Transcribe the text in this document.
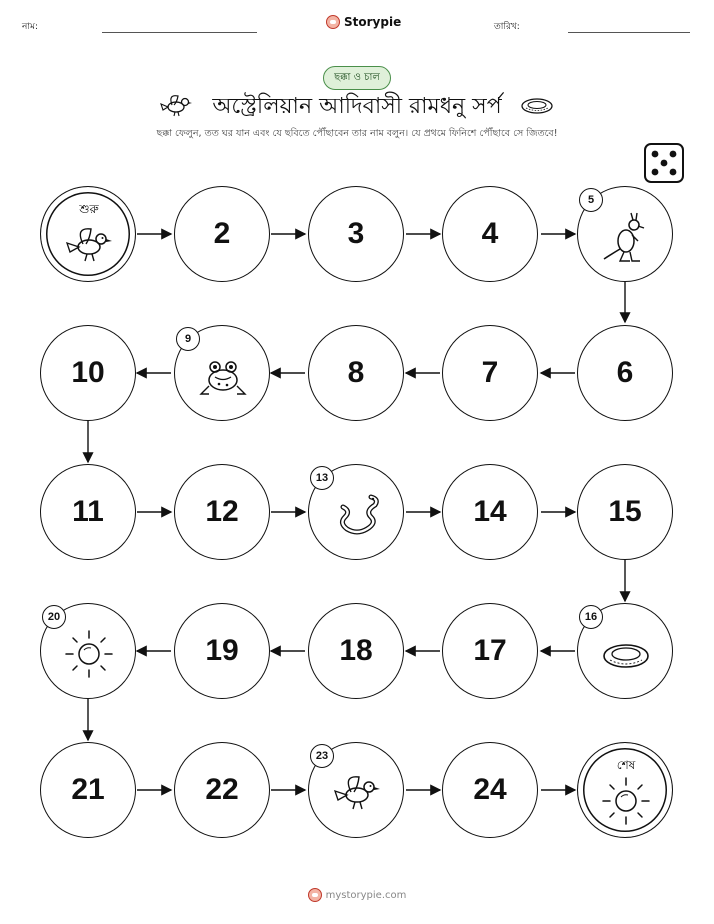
নাম:	Storypie	তারিখ:
ছক্কা ও চাল
অস্ট্রেলিয়ান আদিবাসী রামধনু সর্প
ছক্কা ফেলুন, তত ঘর যান এবং যে ছবিতে পৌঁছাবেন তার নাম বলুন। যে প্রথমে ফিনিশে পৌঁছাবে সে জিতবে!
শুরু
2	3	4
5
6
7
8
9
10
11	12
13
14	15
16
17
18
19
20
21	22
23
24
শেষ
mystorypie.com
